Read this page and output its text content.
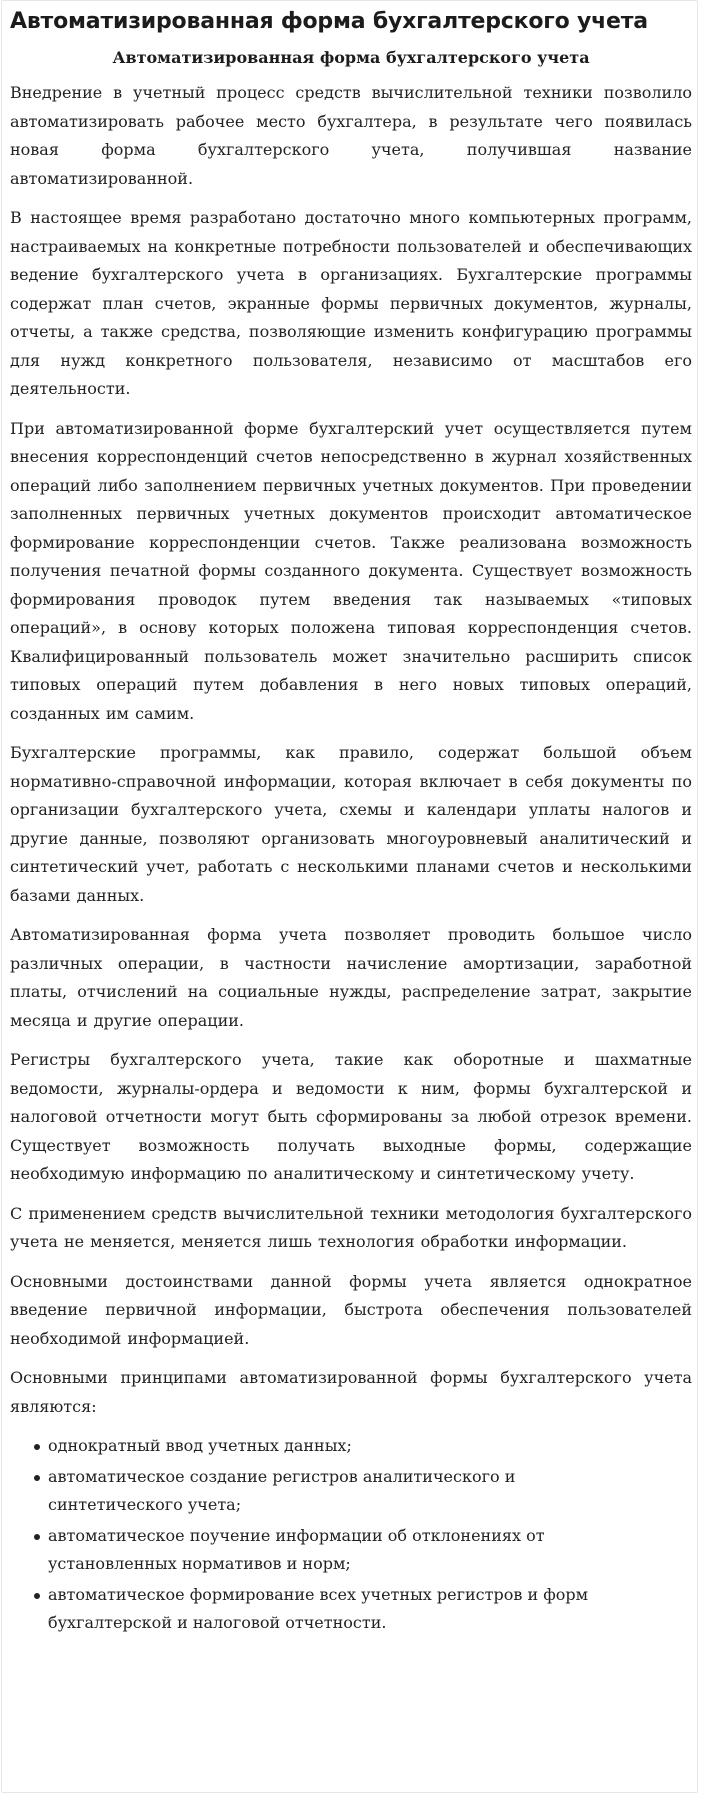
Автоматизированная форма бухгалтерского учета
Автоматизированная форма бухгалтерского учета

Внедрение в учетный процесс средств вычислительной техники позволило автоматизировать рабочее место бухгалтера, в результате чего появилась новая форма бухгалтерского учета, получившая название автоматизированной.

В настоящее время разработано достаточно много компьютерных программ, настраиваемых на конкретные потребности пользователей и обеспечивающих ведение бухгалтерского учета в организациях. Бухгалтерские программы содержат план счетов, экранные формы первичных документов, журналы, отчеты, а также средства, позволяющие изменить конфигурацию программы для нужд конкретного пользователя, независимо от масштабов его деятельности.

При автоматизированной форме бухгалтерский учет осуществляется путем внесения корреспонденций счетов непосредственно в журнал хозяйственных операций либо заполнением первичных учетных документов. При проведении заполненных первичных учетных документов происходит автоматическое формирование корреспонденции счетов. Также реализована возможность получения печатной формы созданного документа. Существует возможность формирования проводок путем введения так называемых «типовых операций», в основу которых положена типовая корреспонденция счетов. Квалифицированный пользователь может значительно расширить список типовых операций путем добавления в него новых типовых операций, созданных им самим.

Бухгалтерские программы, как правило, содержат большой объем нормативно-справочной информации, которая включает в себя документы по организации бухгалтерского учета, схемы и календари уплаты налогов и другие данные, позволяют организовать многоуровневый аналитический и синтетический учет, работать с несколькими планами счетов и несколькими базами данных.

Автоматизированная форма учета позволяет проводить большое число различных операции, в частности начисление амортизации, заработной платы, отчислений на социальные нужды, распределение затрат, закрытие месяца и другие операции.

Регистры бухгалтерского учета, такие как оборотные и шахматные ведомости, журналы-ордера и ведомости к ним, формы бухгалтерской и налоговой отчетности могут быть сформированы за любой отрезок времени. Существует возможность получать выходные формы, содержащие необходимую информацию по аналитическому и синтетическому учету.

С применением средств вычислительной техники методология бухгалтерского учета не меняется, меняется лишь технология обработки информации.

Основными достоинствами данной формы учета является однократное введение первичной информации, быстрота обеспечения пользователей необходимой информацией.

Основными принципами автоматизированной формы бухгалтерского учета являются:

однократный ввод учетных данных;
автоматическое создание регистров аналитического и синтетического учета;
автоматическое поучение информации об отклонениях от установленных нормативов и норм;
автоматическое формирование всех учетных регистров и форм бухгалтерской и налоговой отчетности.
